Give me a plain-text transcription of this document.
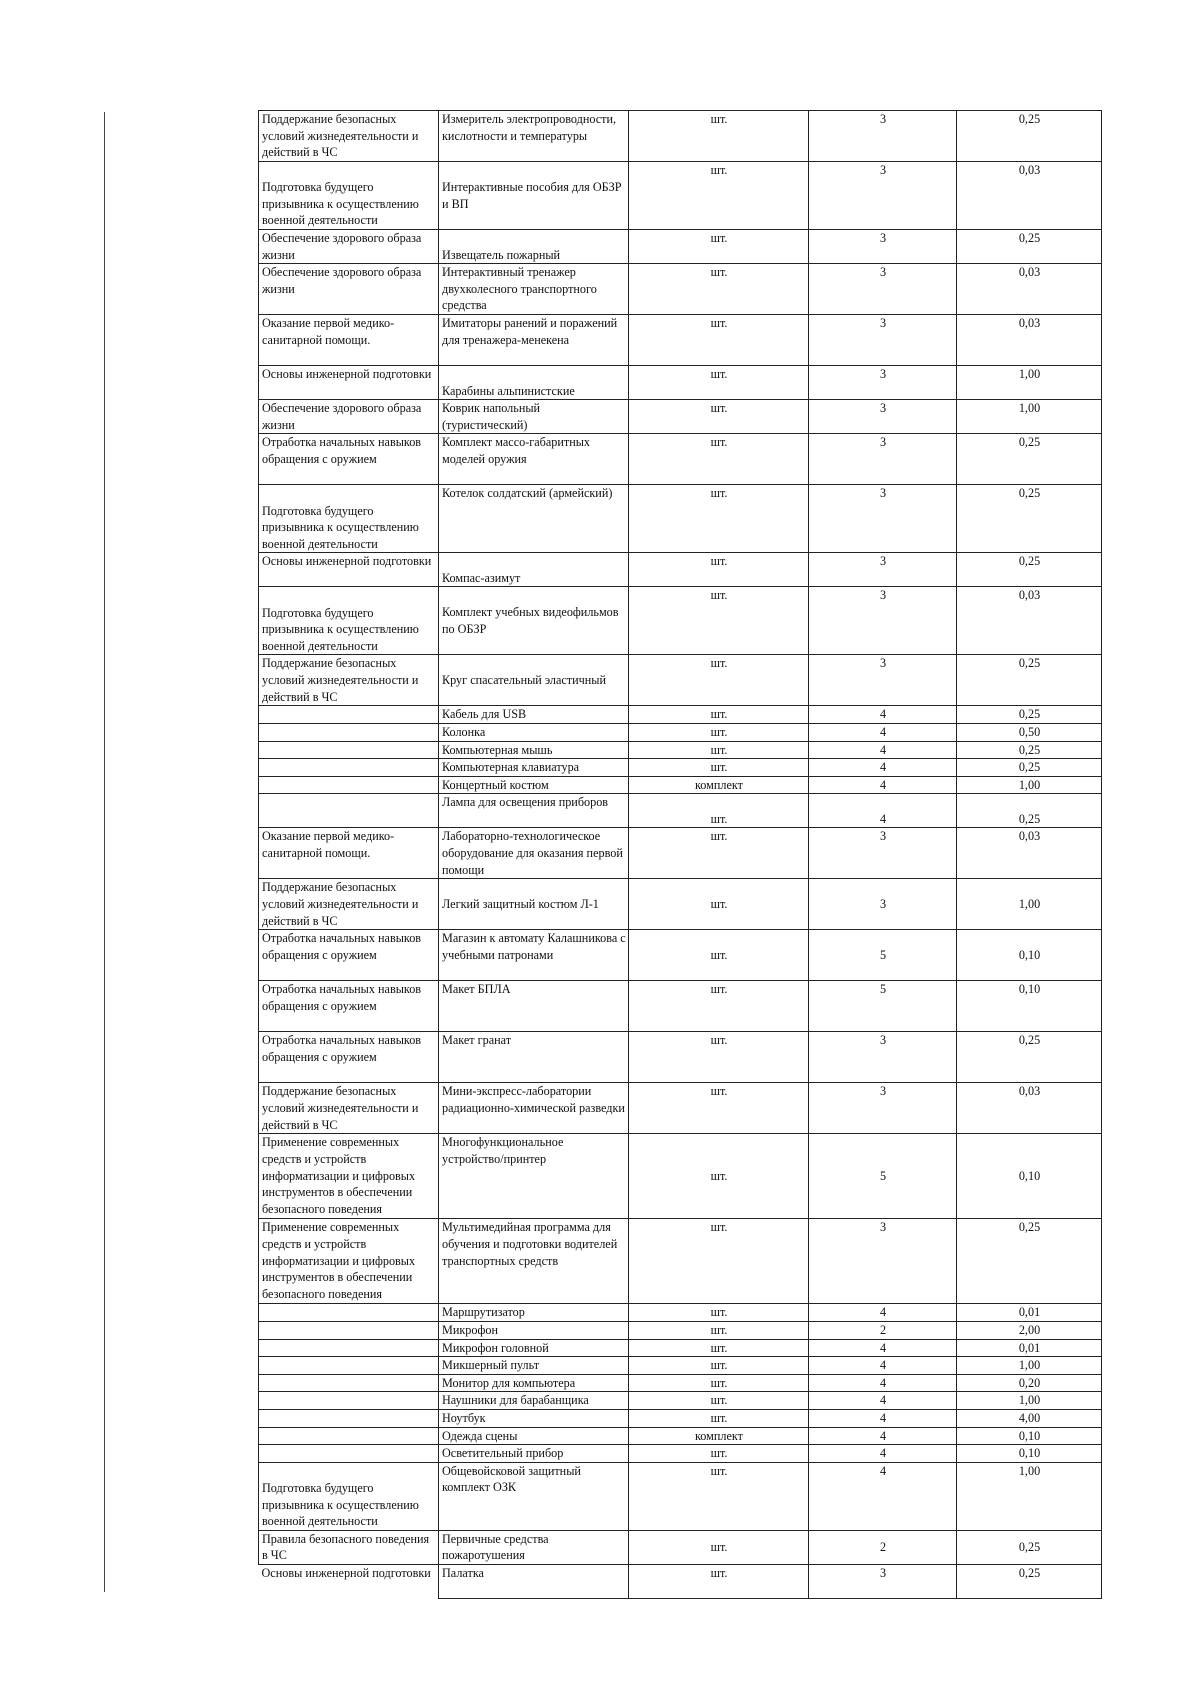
Поддержание безопасных условий жизнедеятельности и действий в ЧС	Измеритель электропроводности, кислотности и температуры	шт.	3	0,25
Подготовка будущего призывника к осуществлению военной деятельности	Интерактивные пособия для ОБЗР и ВП	шт.	3	0,03
Обеспечение здорового образа жизни	Извещатель пожарный	шт.	3	0,25
Обеспечение здорового образа жизни	Интерактивный тренажер двухколесного транспортного средства	шт.	3	0,03
Оказание первой медико-санитарной помощи.	Имитаторы ранений и поражений для тренажера-менекена	шт.	3	0,03
Основы инженерной подготовки	Карабины альпинистские	шт.	3	1,00
Обеспечение здорового образа жизни	Коврик напольный (туристический)	шт.	3	1,00
Отработка начальных навыков обращения с оружием	Комплект массо-габаритных моделей оружия	шт.	3	0,25
Подготовка будущего призывника к осуществлению военной деятельности	Котелок солдатский (армейский)	шт.	3	0,25
Основы инженерной подготовки	Компас-азимут	шт.	3	0,25
Подготовка будущего призывника к осуществлению военной деятельности	Комплект учебных видеофильмов по ОБЗР	шт.	3	0,03
Поддержание безопасных условий жизнедеятельности и действий в ЧС	Круг спасательный эластичный	шт.	3	0,25
	Кабель для USB	шт.	4	0,25
	Колонка	шт.	4	0,50
	Компьютерная мышь	шт.	4	0,25
	Компьютерная клавиатура	шт.	4	0,25
	Концертный костюм	комплект	4	1,00
	Лампа для освещения приборов	шт.	4	0,25
Оказание первой медико-санитарной помощи.	Лабораторно-технологическое оборудование для оказания первой помощи	шт.	3	0,03
Поддержание безопасных условий жизнедеятельности и действий в ЧС	Легкий защитный костюм Л-1	шт.	3	1,00
Отработка начальных навыков обращения с оружием	Магазин к автомату Калашникова с учебными патронами	шт.	5	0,10
Отработка начальных навыков обращения с оружием	Макет БПЛА	шт.	5	0,10
Отработка начальных навыков обращения с оружием	Макет гранат	шт.	3	0,25
Поддержание безопасных условий жизнедеятельности и действий в ЧС	Мини-экспресс-лаборатории радиационно-химической разведки	шт.	3	0,03
Применение современных средств и устройств информатизации и цифровых инструментов в обеспечении безопасного поведения	Многофункциональное устройство/принтер	шт.	5	0,10
Применение современных средств и устройств информатизации и цифровых инструментов в обеспечении безопасного поведения	Мультимедийная программа для обучения и подготовки водителей транспортных средств	шт.	3	0,25
	Маршрутизатор	шт.	4	0,01
	Микрофон	шт.	2	2,00
	Микрофон головной	шт.	4	0,01
	Микшерный пульт	шт.	4	1,00
	Монитор для компьютера	шт.	4	0,20
	Наушники для барабанщика	шт.	4	1,00
	Ноутбук	шт.	4	4,00
	Одежда сцены	комплект	4	0,10
	Осветительный прибор	шт.	4	0,10
Подготовка будущего призывника к осуществлению военной деятельности	Общевойсковой защитный комплект ОЗК	шт.	4	1,00
Правила безопасного поведения в ЧС	Первичные средства пожаротушения	шт.	2	0,25
Основы инженерной подготовки	Палатка	шт.	3	0,25
